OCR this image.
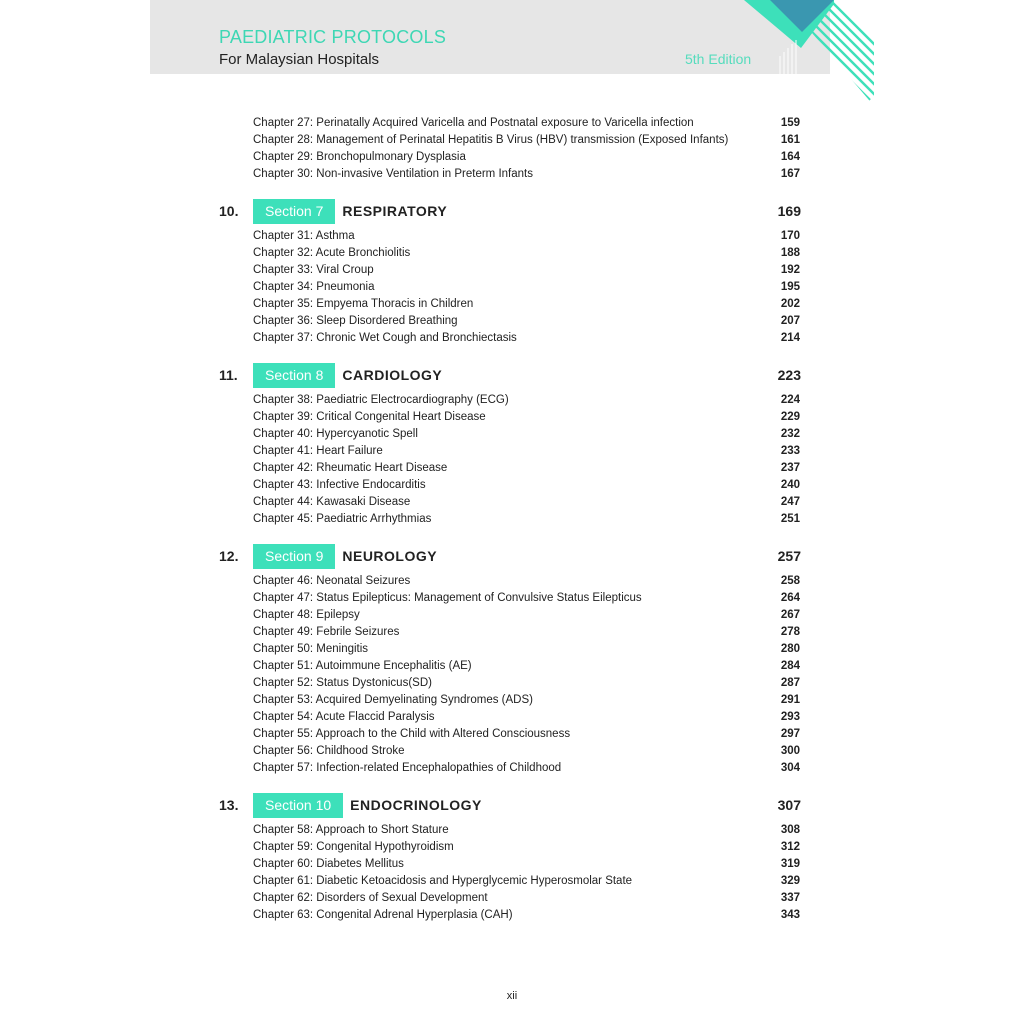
PAEDIATRIC PROTOCOLS
For Malaysian Hospitals	5th Edition
Chapter 27: Perinatally Acquired Varicella and Postnatal exposure to Varicella infection	159
Chapter 28: Management of Perinatal Hepatitis B Virus (HBV) transmission (Exposed Infants)	161
Chapter 29: Bronchopulmonary Dysplasia	164
Chapter 30: Non-invasive Ventilation in Preterm Infants	167
10.	Section 7	RESPIRATORY	169
Chapter 31: Asthma	170
Chapter 32: Acute Bronchiolitis	188
Chapter 33: Viral Croup	192
Chapter 34: Pneumonia	195
Chapter 35: Empyema Thoracis in Children	202
Chapter 36: Sleep Disordered Breathing	207
Chapter 37: Chronic Wet Cough and Bronchiectasis	214
11.	Section 8	CARDIOLOGY	223
Chapter 38: Paediatric Electrocardiography (ECG)	224
Chapter 39: Critical Congenital Heart Disease	229
Chapter 40: Hypercyanotic Spell	232
Chapter 41: Heart Failure	233
Chapter 42: Rheumatic Heart Disease	237
Chapter 43: Infective Endocarditis	240
Chapter 44: Kawasaki Disease	247
Chapter 45: Paediatric Arrhythmias	251
12.	Section 9	NEUROLOGY	257
Chapter 46: Neonatal Seizures	258
Chapter 47: Status Epilepticus: Management of Convulsive Status Eilepticus	264
Chapter 48: Epilepsy	267
Chapter 49: Febrile Seizures	278
Chapter 50: Meningitis	280
Chapter 51: Autoimmune Encephalitis (AE)	284
Chapter 52: Status Dystonicus(SD)	287
Chapter 53: Acquired Demyelinating Syndromes (ADS)	291
Chapter 54: Acute Flaccid Paralysis	293
Chapter 55: Approach to the Child with Altered Consciousness	297
Chapter 56: Childhood Stroke	300
Chapter 57: Infection-related Encephalopathies of Childhood	304
13.	Section 10	ENDOCRINOLOGY	307
Chapter 58: Approach to Short Stature	308
Chapter 59: Congenital Hypothyroidism	312
Chapter 60: Diabetes Mellitus	319
Chapter 61: Diabetic Ketoacidosis and Hyperglycemic Hyperosmolar State	329
Chapter 62: Disorders of Sexual Development	337
Chapter 63: Congenital Adrenal Hyperplasia (CAH)	343
xii
